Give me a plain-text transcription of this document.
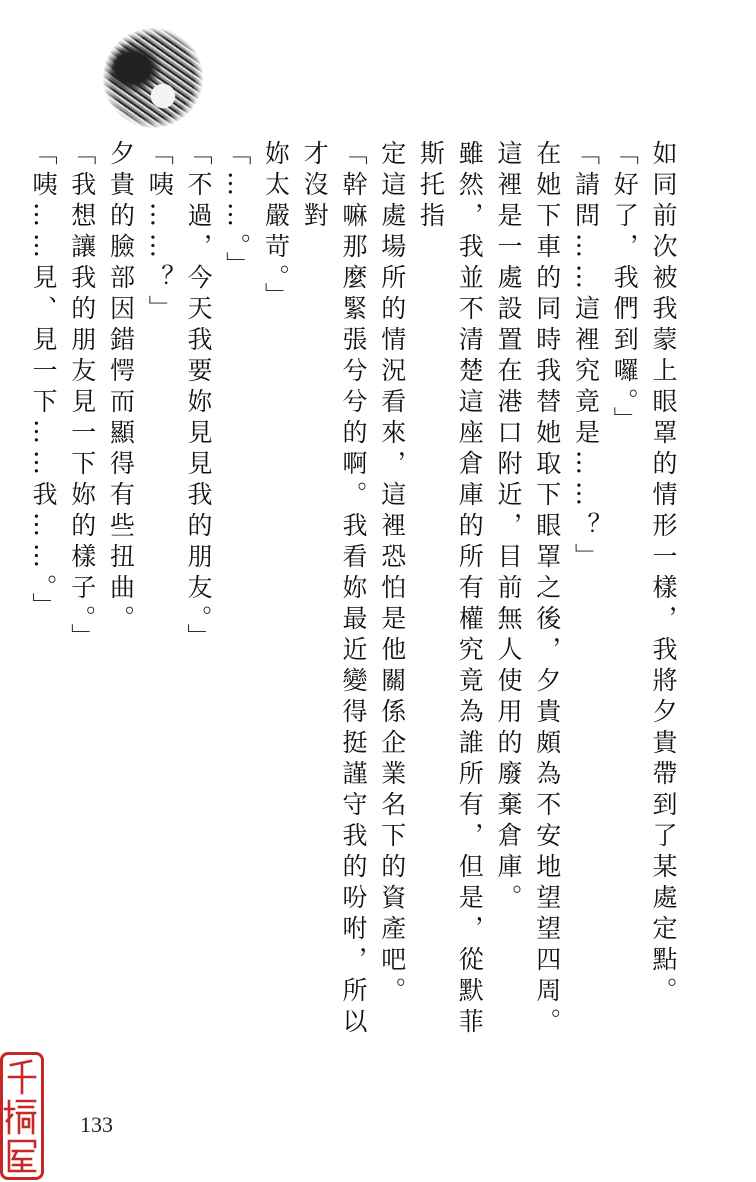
如同前次被我蒙上眼罩的情形一樣，我將夕貴帶到了某處定點。
「好了，我們到囉。」
「請問……這裡究竟是……？」
在她下車的同時我替她取下眼罩之後，夕貴頗為不安地望望四周。
這裡是一處設置在港口附近，目前無人使用的廢棄倉庫。
雖然，我並不清楚這座倉庫的所有權究竟為誰所有，但是，從默菲斯托指
定這處場所的情況看來，這裡恐怕是他關係企業名下的資產吧。
「幹嘛那麼緊張兮兮的啊。我看妳最近變得挺謹守我的吩咐，所以才沒對
妳太嚴苛。」
「……。」
「不過，今天我要妳見見我的朋友。」
「咦……？」
夕貴的臉部因錯愕而顯得有些扭曲。
「我想讓我的朋友見一下妳的樣子。」
「咦……見、見一下……我……。」
133
